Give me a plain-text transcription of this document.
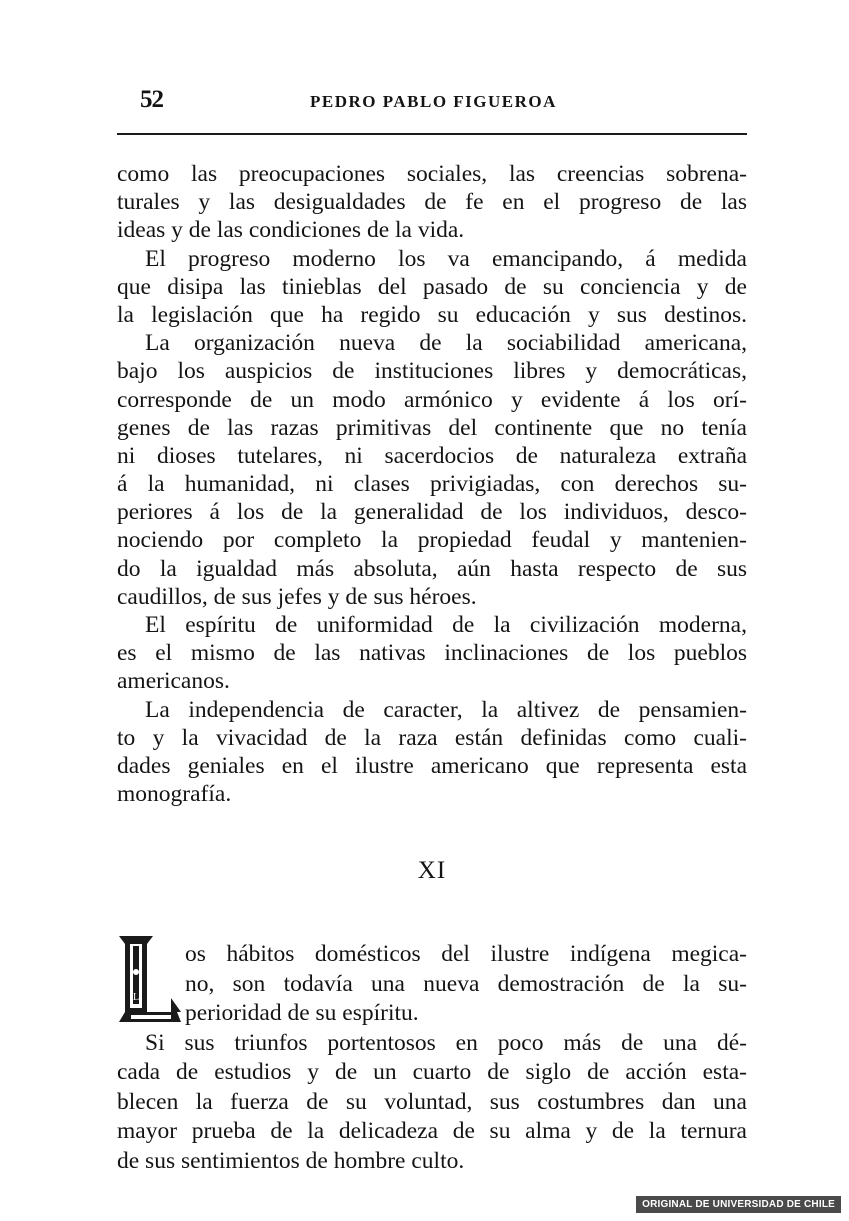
52	PEDRO PABLO FIGUEROA
como las preocupaciones sociales, las creencias sobrena-
turales y las desigualdades de fe en el progreso de las
ideas y de las condiciones de la vida.
El progreso moderno los va emancipando, á medida
que disipa las tinieblas del pasado de su conciencia y de
la legislación que ha regido su educación y sus destinos.
La organización nueva de la sociabilidad americana,
bajo los auspicios de instituciones libres y democráticas,
corresponde de un modo armónico y evidente á los orí-
genes de las razas primitivas del continente que no tenía
ni dioses tutelares, ni sacerdocios de naturaleza extraña
á la humanidad, ni clases privigiadas, con derechos su-
periores á los de la generalidad de los individuos, desco-
nociendo por completo la propiedad feudal y mantenien-
do la igualdad más absoluta, aún hasta respecto de sus
caudillos, de sus jefes y de sus héroes.
El espíritu de uniformidad de la civilización moderna,
es el mismo de las nativas inclinaciones de los pueblos
americanos.
La independencia de caracter, la altivez de pensamien-
to y la vivacidad de la raza están definidas como cuali-
dades geniales en el ilustre americano que representa esta
monografía.
XI
L
os hábitos domésticos del ilustre indígena megica-
no, son todavía una nueva demostración de la su-
perioridad de su espíritu.
Si sus triunfos portentosos en poco más de una dé-
cada de estudios y de un cuarto de siglo de acción esta-
blecen la fuerza de su voluntad, sus costumbres dan una
mayor prueba de la delicadeza de su alma y de la ternura
de sus sentimientos de hombre culto.
ORIGINAL DE UNIVERSIDAD DE CHILE
